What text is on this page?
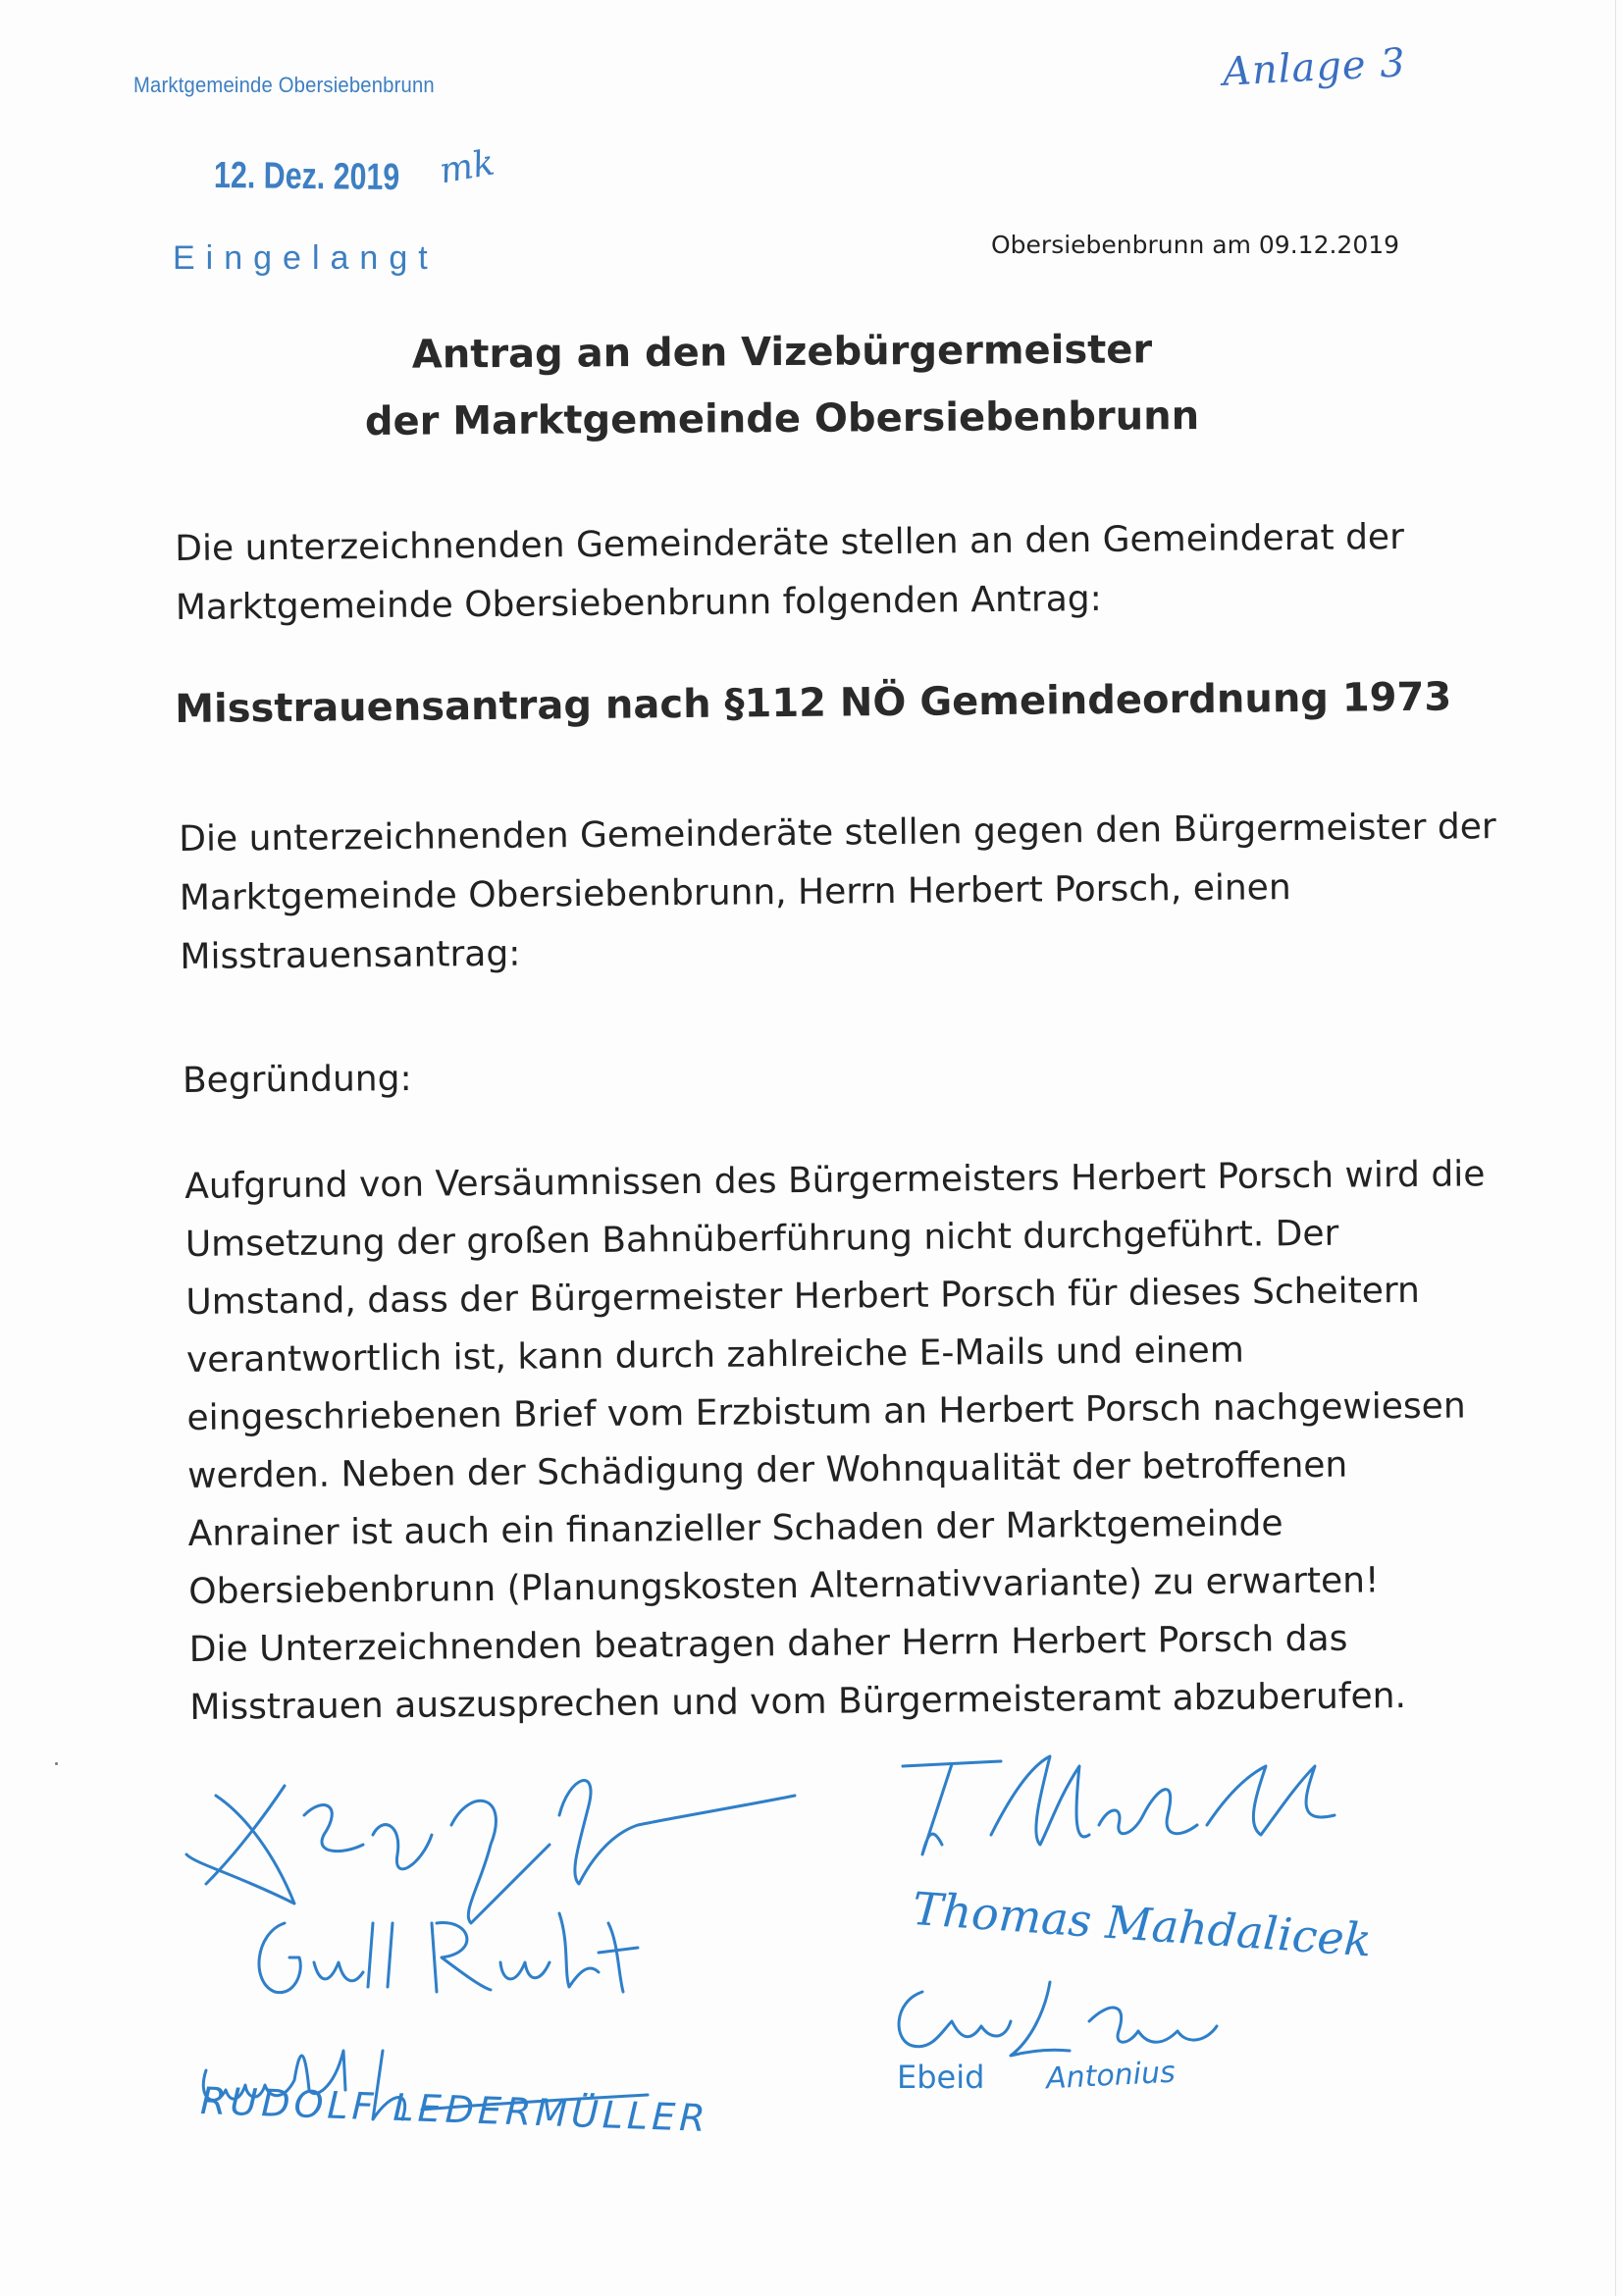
Marktgemeinde Obersiebenbrunn
12. Dez. 2019 mk
Eingelangt
Anlage 3
Obersiebenbrunn am 09.12.2019
Antrag an den Vizebürgermeister
der Marktgemeinde Obersiebenbrunn
Die unterzeichnenden Gemeinderäte stellen an den Gemeinderat der
Marktgemeinde Obersiebenbrunn folgenden Antrag:
Misstrauensantrag nach §112 NÖ Gemeindeordnung 1973
Die unterzeichnenden Gemeinderäte stellen gegen den Bürgermeister der
Marktgemeinde Obersiebenbrunn, Herrn Herbert Porsch, einen
Misstrauensantrag:
Begründung:
Aufgrund von Versäumnissen des Bürgermeisters Herbert Porsch wird die
Umsetzung der großen Bahnüberführung nicht durchgeführt. Der
Umstand, dass der Bürgermeister Herbert Porsch für dieses Scheitern
verantwortlich ist, kann durch zahlreiche E-Mails und einem
eingeschriebenen Brief vom Erzbistum an Herbert Porsch nachgewiesen
werden. Neben der Schädigung der Wohnqualität der betroffenen
Anrainer ist auch ein finanzieller Schaden der Marktgemeinde
Obersiebenbrunn (Planungskosten Alternativvariante) zu erwarten!
Die Unterzeichnenden beatragen daher Herrn Herbert Porsch das
Misstrauen auszusprechen und vom Bürgermeisteramt abzuberufen.
RUDOLF LEDERMÜLLER
Thomas Mahdalicek
Ebeid Antonius
